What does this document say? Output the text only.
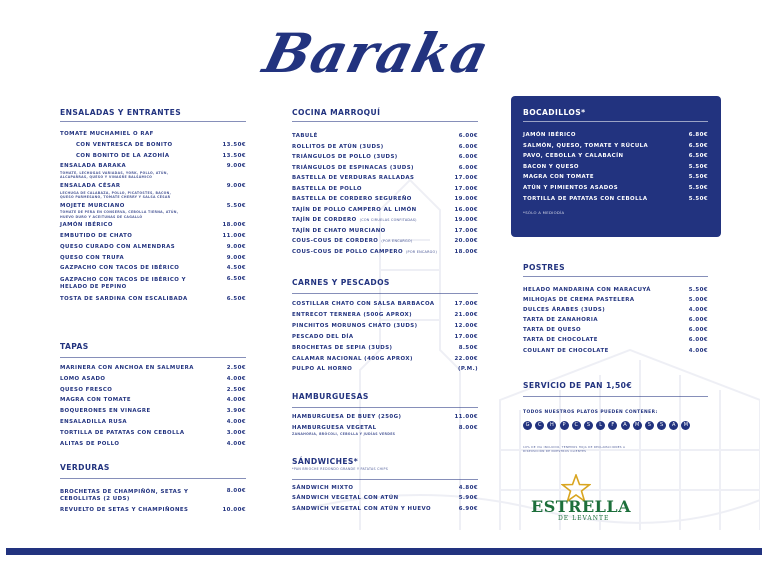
Baraka
ENSALADAS Y ENTRANTES
TOMATE MUCHAMIEL O RAF
CON VENTRESCA DE BONITO	13.50€
CON BONITO DE LA AZOHÍA	13.50€
ENSALADA BARAKA	9.00€
TOMATE, LECHUGAS VARIADAS, YORK, POLLO, ATÚN, ALCAPARRAS, QUESO Y VINAGRE BALSÁMICO
ENSALADA CÉSAR	9.00€
LECHUGA DE CALABAZA, POLLO, PICATOSTES, BACON, QUESO PARMESANO, TOMATE CHERRY Y SALSA CÉSAR
MOJETE MURCIANO	5.50€
TOMATE DE PERA EN CONSERVA, CEBOLLA TIERNA, ATÚN, HUEVO DURO Y ACEITUNAS DE CAGALLÓ
JAMÓN IBÉRICO	18.00€
EMBUTIDO DE CHATO	11.00€
QUESO CURADO CON ALMENDRAS	9.00€
QUESO CON TRUFA	9.00€
GAZPACHO CON TACOS DE IBÉRICO	4.50€
GAZPACHO CON TACOS DE IBÉRICO Y HELADO DE PEPINO
6.50€
TOSTA DE SARDINA CON ESCALIBADA	6.50€
TAPAS
MARINERA CON ANCHOA EN SALMUERA	2.50€
LOMO ASADO	4.00€
QUESO FRESCO	2.50€
MAGRA CON TOMATE	4.00€
BOQUERONES EN VINAGRE	3.90€
ENSALADILLA RUSA	4.00€
TORTILLA DE PATATAS CON CEBOLLA	3.00€
ALITAS DE POLLO	4.00€
VERDURAS
BROCHETAS DE CHAMPIÑÓN, SETAS Y CEBOLLITAS (2 UDS)
8.00€
REVUELTO DE SETAS Y CHAMPIÑONES	10.00€
COCINA MARROQUÍ
TABULÉ	6.00€
ROLLITOS DE ATÚN (3UDS)	6.00€
TRIÁNGULOS DE POLLO (3UDS)	6.00€
TRIÁNGULOS DE ESPINACAS (3UDS)	6.00€
BASTELLA DE VERDURAS RALLADAS	17.00€
BASTELLA DE POLLO	17.00€
BASTELLA DE CORDERO SEGUREÑO	19.00€
TAJÍN DE POLLO CAMPERO AL LIMÓN	16.00€
TAJÍN DE CORDERO (CON CIRUELAS CONFITADAS)	19.00€
TAJÍN DE CHATO MURCIANO	17.00€
COUS-COUS DE CORDERO (POR ENCARGO)	20.00€
COUS-COUS DE POLLO CAMPERO (POR ENCARGO)	18.00€
CARNES Y PESCADOS
COSTILLAR CHATO CON SALSA BARBACOA	17.00€
ENTRECOT TERNERA (500G APROX)	21.00€
PINCHITOS MORUNOS CHATO (3UDS)	12.00€
PESCADO DEL DÍA	17.00€
BROCHETAS DE SEPIA (3UDS)	8.50€
CALAMAR NACIONAL (400G APROX)	22.00€
PULPO AL HORNO	(P.M.)
HAMBURGUESAS
HAMBURGUESA DE BUEY (250G)	11.00€
HAMBURGUESA VEGETAL	8.00€
ZANAHORIA, BRÓCOLI, CEBOLLA Y JUDÍAS VERDES
SÁNDWICHES*
*PAN BRIOCHE REDONDO GRANDE Y PATATAS CHIPS
SÁNDWICH MIXTO	4.80€
SÁNDWICH VEGETAL CON ATÚN	5.90€
SÁNDWICH VEGETAL CON ATÚN Y HUEVO	6.90€
BOCADILLOS*
JAMÓN IBÉRICO	6.80€
SALMÓN, QUESO, TOMATE Y RÚCULA	6.50€
PAVO, CEBOLLA Y CALABACÍN	6.50€
BACON Y QUESO	5.50€
MAGRA CON TOMATE	5.50€
ATÚN Y PIMIENTOS ASADOS	5.50€
TORTILLA DE PATATAS CON CEBOLLA	5.50€
*SÓLO A MEDIODÍA
POSTRES
HELADO MANDARINA CON MARACUYÁ	5.50€
MILHOJAS DE CREMA PASTELERA	5.00€
DULCES ÁRABES (3UDS)	4.00€
TARTA DE ZANAHORIA	6.00€
TARTA DE QUESO	6.00€
TARTA DE CHOCOLATE	6.00€
COULANT DE CHOCOLATE	4.00€
SERVICIO DE PAN 1,50€
TODOS NUESTROS PLATOS PUEDEN CONTENER:
G	C	H	P	C	S	L	F	A	M	S	S	A	M
10% DE IVA INCLUIDO. TENEMOS HOJA DE RECLAMACIONES A DISPOSICIÓN DE NUESTROS CLIENTES
ESTRELLA
DE LEVANTE
